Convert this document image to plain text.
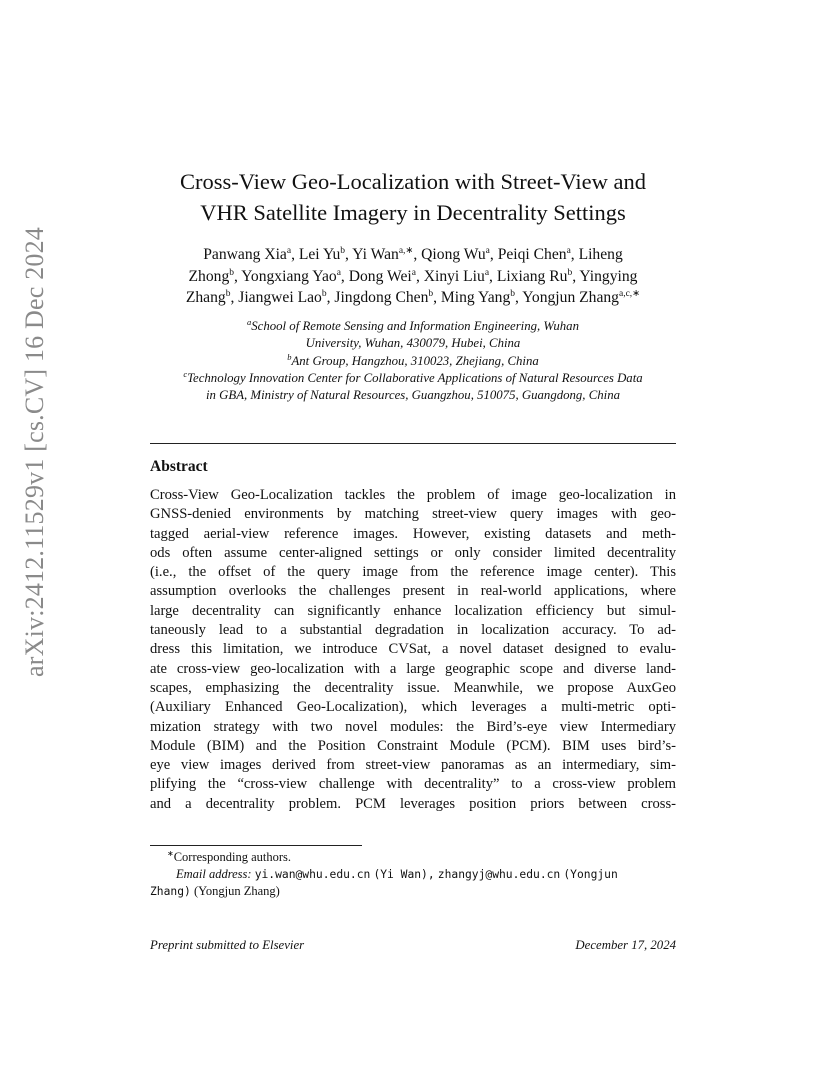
arXiv:2412.11529v1 [cs.CV] 16 Dec 2024
Cross-View Geo-Localization with Street-View and
VHR Satellite Imagery in Decentrality Settings
Panwang Xia$^a$, Lei Yu$^b$, Yi Wan$^{a,∗}$, Qiong Wu$^a$, Peiqi Chen$^a$, Liheng
Zhong$^b$, Yongxiang Yao$^a$, Dong Wei$^a$, Xinyi Liu$^a$, Lixiang Ru$^b$, Yingying
Zhang$^b$, Jiangwei Lao$^b$, Jingdong Chen$^b$, Ming Yang$^b$, Yongjun Zhang$^{a,c,∗}$
$^a$School of Remote Sensing and Information Engineering, Wuhan
University, Wuhan, 430079, Hubei, China
$^b$Ant Group, Hangzhou, 310023, Zhejiang, China
$^c$Technology Innovation Center for Collaborative Applications of Natural Resources Data
in GBA, Ministry of Natural Resources, Guangzhou, 510075, Guangdong, China
Abstract
Cross-View Geo-Localization tackles the problem of image geo-localization in
GNSS-denied environments by matching street-view query images with geo-
tagged aerial-view reference images. However, existing datasets and meth-
ods often assume center-aligned settings or only consider limited decentrality
(i.e., the offset of the query image from the reference image center). This
assumption overlooks the challenges present in real-world applications, where
large decentrality can significantly enhance localization efficiency but simul-
taneously lead to a substantial degradation in localization accuracy. To ad-
dress this limitation, we introduce CVSat, a novel dataset designed to evalu-
ate cross-view geo-localization with a large geographic scope and diverse land-
scapes, emphasizing the decentrality issue. Meanwhile, we propose AuxGeo
(Auxiliary Enhanced Geo-Localization), which leverages a multi-metric opti-
mization strategy with two novel modules: the Bird’s-eye view Intermediary
Module (BIM) and the Position Constraint Module (PCM). BIM uses bird’s-
eye view images derived from street-view panoramas as an intermediary, sim-
plifying the “cross-view challenge with decentrality” to a cross-view problem
and a decentrality problem. PCM leverages position priors between cross-
∗Corresponding authors.
Email address: yi.wan@whu.edu.cn (Yi Wan), zhangyj@whu.edu.cn (Yongjun
Zhang) (Yongjun Zhang)
Preprint submitted to Elsevier	December 17, 2024
